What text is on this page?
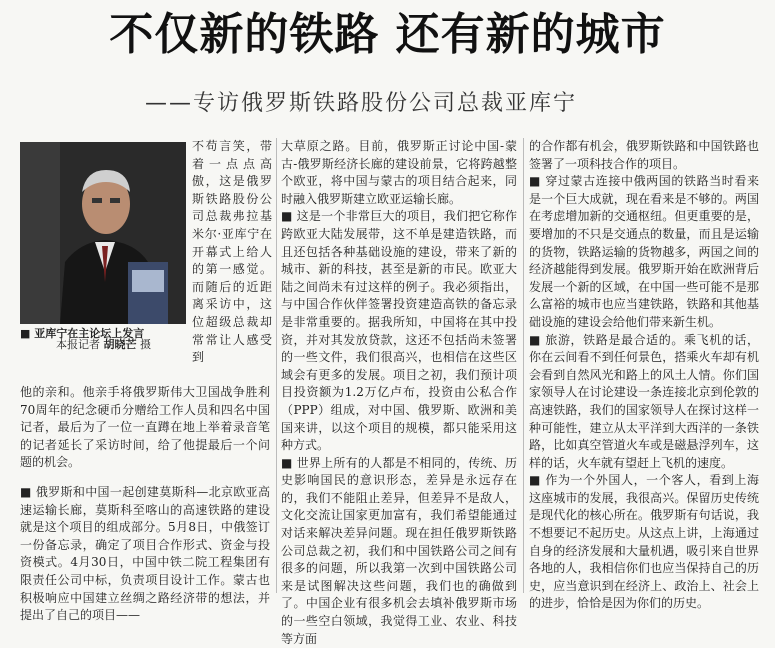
不仅新的铁路 还有新的城市
——专访俄罗斯铁路股份公司总裁亚库宁
■ 亚库宁在主论坛上发言
本报记者 胡晓芒 摄
不苟言笑，带着一点点高傲，这是俄罗斯铁路股份公司总裁弗拉基米尔·亚库宁在开幕式上给人的第一感觉。而随后的近距离采访中，这位超级总裁却常常让人感受到

他的亲和。他亲手将俄罗斯伟大卫国战争胜利70周年的纪念硬币分赠给工作人员和四名中国记者，最后为了一位一直蹲在地上举着录音笔的记者延长了采访时间，给了他提最后一个问题的机会。

■ 俄罗斯和中国一起创建莫斯科—北京欧亚高速运输长廊，莫斯科至喀山的高速铁路的建设就是这个项目的组成部分。5月8日，中俄签订一份备忘录，确定了项目合作形式、资金与投资模式。4月30日，中国中铁二院工程集团有限责任公司中标，负责项目设计工作。蒙古也积极响应中国建立丝绸之路经济带的想法，并提出了自己的项目——

大草原之路。目前，俄罗斯正讨论中国-蒙古-俄罗斯经济长廊的建设前景，它将跨越整个欧亚，将中国与蒙古的项目结合起来，同时融入俄罗斯建立欧亚运输长廊。

■ 这是一个非常巨大的项目，我们把它称作跨欧亚大陆发展带，这不单是建造铁路，而且还包括各种基础设施的建设，带来了新的城市、新的科技，甚至是新的市民。欧亚大陆之间尚未有过这样的例子。我必须指出，与中国合作伙伴签署投资建造高铁的备忘录是非常重要的。据我所知，中国将在其中投资，并对其发放贷款，这还不包括尚未签署的一些文件，我们很高兴，也相信在这些区域会有更多的发展。项目之初，我们预计项目投资额为1.2万亿卢布，投资由公私合作（PPP）组成，对中国、俄罗斯、欧洲和美国来讲，以这个项目的规模，都只能采用这种方式。

■ 世界上所有的人都是不相同的，传统、历史影响国民的意识形态，差异是永远存在的，我们不能阻止差异，但差异不是敌人，文化交流让国家更加富有，我们希望能通过对话来解决差异问题。现在担任俄罗斯铁路公司总裁之初，我们和中国铁路公司之间有很多的问题，所以我第一次到中国铁路公司来是试图解决这些问题，我们也的确做到了。中国企业有很多机会去填补俄罗斯市场的一些空白领域，我觉得工业、农业、科技等方面

的合作都有机会，俄罗斯铁路和中国铁路也签署了一项科技合作的项目。

■ 穿过蒙古连接中俄两国的铁路当时看来是一个巨大成就，现在看来是不够的。两国在考虑增加新的交通枢纽。但更重要的是，要增加的不只是交通点的数量，而且是运输的货物，铁路运输的货物越多，两国之间的经济越能得到发展。俄罗斯开始在欧洲背后发展一个新的区域，在中国一些可能不是那么富裕的城市也应当建铁路，铁路和其他基础设施的建设会给他们带来新生机。

■ 旅游，铁路是最合适的。乘飞机的话，你在云间看不到任何景色，搭乘火车却有机会看到自然风光和路上的风土人情。你们国家领导人在讨论建设一条连接北京到伦敦的高速铁路，我们的国家领导人在探讨这样一种可能性，建立从太平洋到大西洋的一条铁路，比如真空管道火车或是磁悬浮列车，这样的话，火车就有望赶上飞机的速度。

■ 作为一个外国人，一个客人，看到上海这座城市的发展，我很高兴。保留历史传统是现代化的核心所在。俄罗斯有句话说，我不想要记不起历史。从这点上讲，上海通过自身的经济发展和大量机遇，吸引来自世界各地的人，我相信你们也应当保持自己的历史，应当意识到在经济上、政治上、社会上的进步，恰恰是因为你们的历史。
